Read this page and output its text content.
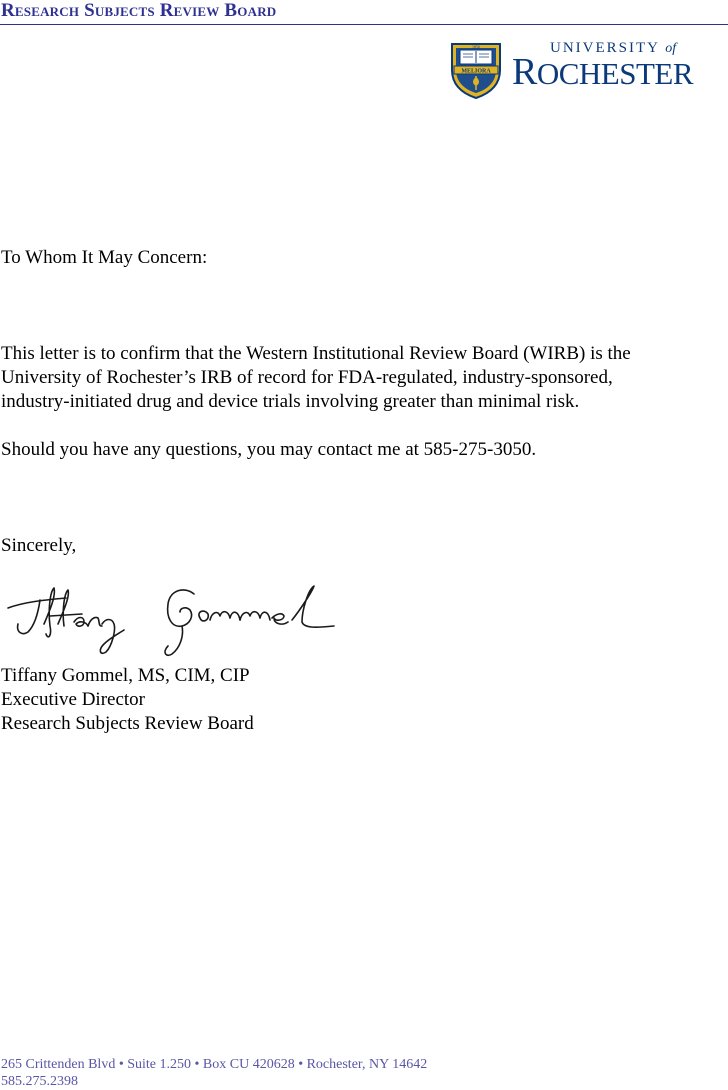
Research Subjects Review Board
MELIORA
1850	UNIVERSITY of
ROCHESTER
To Whom It May Concern:
This letter is to confirm that the Western Institutional Review Board (WIRB) is the
University of Rochester’s IRB of record for FDA-regulated, industry-sponsored,
industry-initiated drug and device trials involving greater than minimal risk.
Should you have any questions, you may contact me at 585-275-3050.
Sincerely,
Tiffany Gommel, MS, CIM, CIP
Executive Director
Research Subjects Review Board
265 Crittenden Blvd • Suite 1.250 • Box CU 420628 • Rochester, NY 14642
585.275.2398
